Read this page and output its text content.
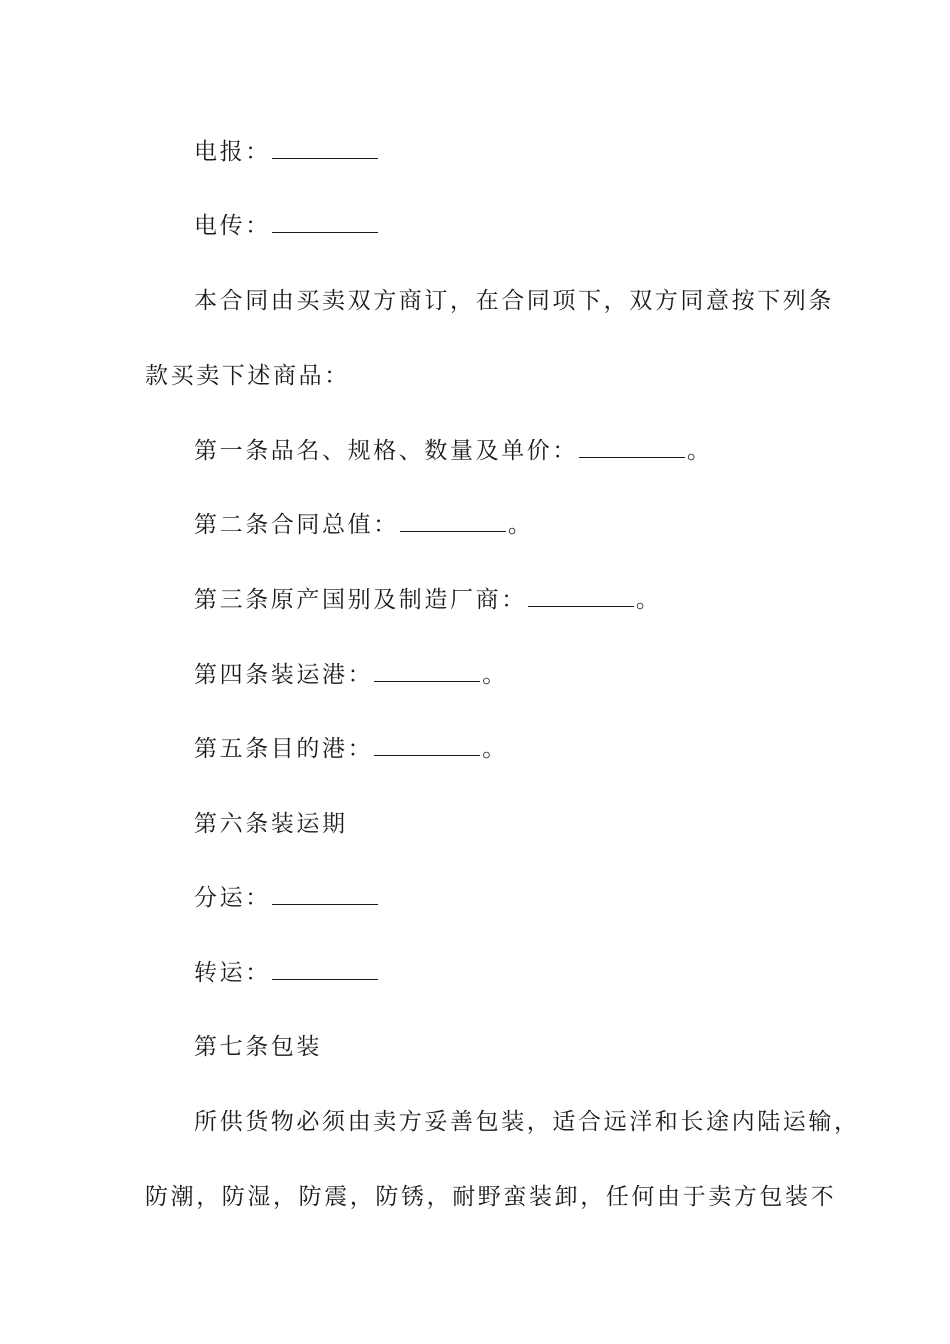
电报：
电传：
本合同由买卖双方商订，在合同项下，双方同意按下列条
款买卖下述商品：
第一条品名、规格、数量及单价：	。
第二条合同总值：	。
第三条原产国别及制造厂商：	。
第四条装运港：	。
第五条目的港：	。
第六条装运期
分运：
转运：
第七条包装
所供货物必须由卖方妥善包装，适合远洋和长途内陆运输，
防潮，防湿，防震，防锈，耐野蛮装卸，任何由于卖方包装不
